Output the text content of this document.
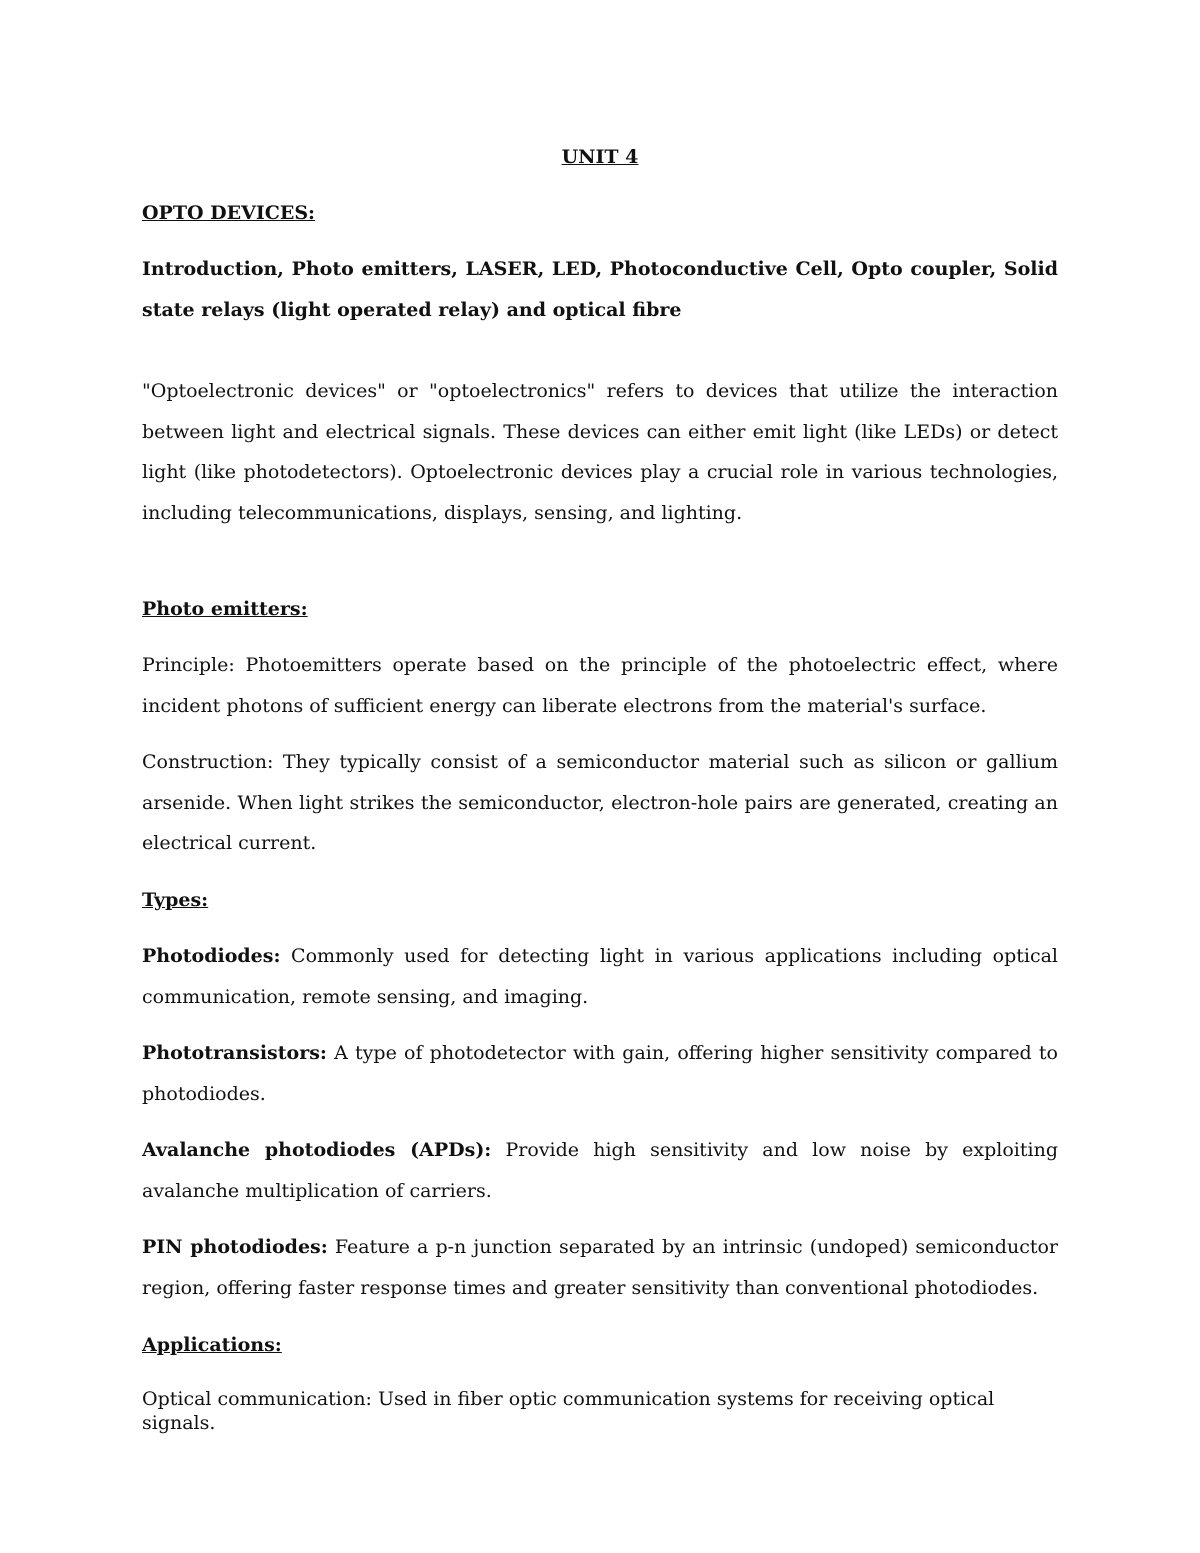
UNIT 4

OPTO DEVICES:

Introduction, Photo emitters, LASER, LED, Photoconductive Cell, Opto coupler, Solid state relays (light operated relay) and optical fibre

"Optoelectronic devices" or "optoelectronics" refers to devices that utilize the interaction between light and electrical signals. These devices can either emit light (like LEDs) or detect light (like photodetectors). Optoelectronic devices play a crucial role in various technologies, including telecommunications, displays, sensing, and lighting.

Photo emitters:

Principle: Photoemitters operate based on the principle of the photoelectric effect, where incident photons of sufficient energy can liberate electrons from the material's surface.

Construction: They typically consist of a semiconductor material such as silicon or gallium arsenide. When light strikes the semiconductor, electron-hole pairs are generated, creating an electrical current.

Types:

Photodiodes: Commonly used for detecting light in various applications including optical communication, remote sensing, and imaging.

Phototransistors: A type of photodetector with gain, offering higher sensitivity compared to photodiodes.

Avalanche photodiodes (APDs): Provide high sensitivity and low noise by exploiting avalanche multiplication of carriers.

PIN photodiodes: Feature a p-n junction separated by an intrinsic (undoped) semiconductor region, offering faster response times and greater sensitivity than conventional photodiodes.

Applications:

Optical communication: Used in fiber optic communication systems for receiving optical signals.
